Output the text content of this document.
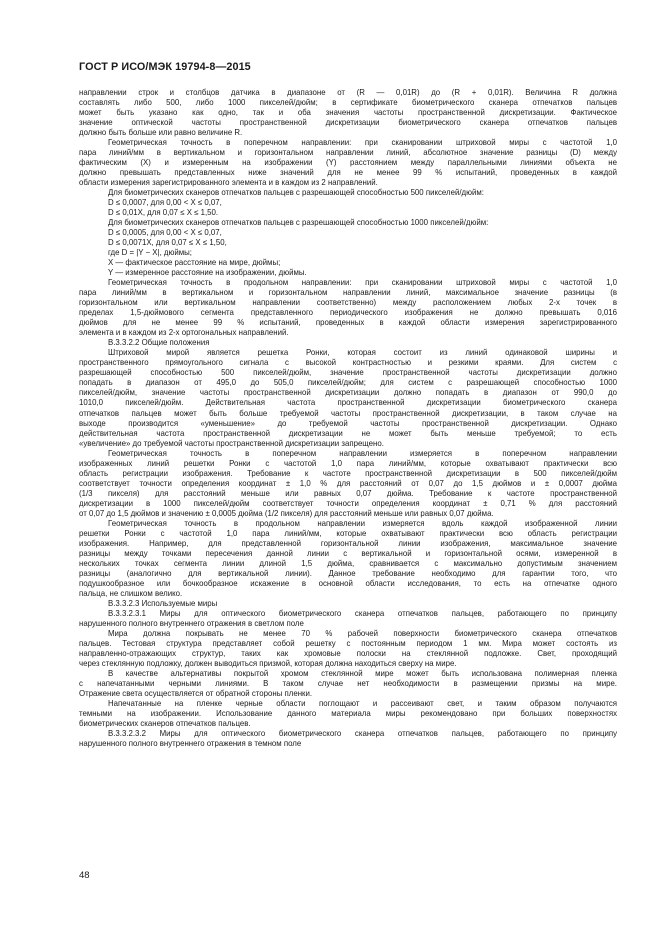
ГОСТ Р ИСО/МЭК 19794-8—2015
направлении строк и столбцов датчика в диапазоне от (R — 0,01R) до (R + 0,01R). Величина R должна
составлять либо 500, либо 1000 пикселей/дюйм; в сертификате биометрического сканера отпечатков пальцев
может быть указано как одно, так и оба значения частоты пространственной дискретизации. Фактическое
значение оптической частоты пространственной дискретизации биометрического сканера отпечатков пальцев
должно быть больше или равно величине R.
Геометрическая точность в поперечном направлении: при сканировании штриховой миры с частотой 1,0
пара линий/мм в вертикальном и горизонтальном направлении линий, абсолютное значение разницы (D) между
фактическим (X) и измеренным на изображении (Y) расстоянием между параллельными линиями объекта не
должно превышать представленных ниже значений для не менее 99 % испытаний, проведенных в каждой
области измерения зарегистрированного элемента и в каждом из 2 направлений.
Для биометрических сканеров отпечатков пальцев с разрешающей способностью 500 пикселей/дюйм:
D ≤ 0,0007, для 0,00 < X ≤ 0,07,
D ≤ 0,01X, для 0,07 ≤ X ≤ 1,50.
Для биометрических сканеров отпечатков пальцев с разрешающей способностью 1000 пикселей/дюйм:
D ≤ 0,0005, для 0,00 < X ≤ 0,07,
D ≤ 0,0071X, для 0,07 ≤ X ≤ 1,50,
где D = |Y − X|, дюймы;
X — фактическое расстояние на мире, дюймы;
Y — измеренное расстояние на изображении, дюймы.
Геометрическая точность в продольном направлении: при сканировании штриховой миры с частотой 1,0
пара линий/мм в вертикальном и горизонтальном направлении линий, максимальное значение разницы (в
горизонтальном или вертикальном направлении соответственно) между расположением любых 2-х точек в
пределах 1,5-дюймового сегмента представленного периодического изображения не должно превышать 0,016
дюймов для не менее 99 % испытаний, проведенных в каждой области измерения зарегистрированного
элемента и в каждом из 2-х ортогональных направлений.
B.3.3.2.2 Общие положения
Штриховой мирой является решетка Ронки, которая состоит из линий одинаковой ширины и
пространственного прямоугольного сигнала с высокой контрастностью и резкими краями. Для систем с
разрешающей способностью 500 пикселей/дюйм, значение пространственной частоты дискретизации должно
попадать в диапазон от 495,0 до 505,0 пикселей/дюйм; для систем с разрешающей способностью 1000
пикселей/дюйм, значение частоты пространственной дискретизации должно попадать в диапазон от 990,0 до
1010,0 пикселей/дюйм. Действительная частота пространственной дискретизации биометрического сканера
отпечатков пальцев может быть больше требуемой частоты пространственной дискретизации, в таком случае на
выходе производится «уменьшение» до требуемой частоты пространственной дискретизации. Однако
действительная частота пространственной дискретизации не может быть меньше требуемой; то есть
«увеличение» до требуемой частоты пространственной дискретизации запрещено.
Геометрическая точность в поперечном направлении измеряется в поперечном направлении
изображенных линий решетки Ронки с частотой 1,0 пара линий/мм, которые охватывают практически всю
область регистрации изображения. Требование к частоте пространственной дискретизации в 500 пикселей/дюйм
соответствует точности определения координат ± 1,0 % для расстояний от 0,07 до 1,5 дюймов и ± 0,0007 дюйма
(1/3 пикселя) для расстояний меньше или равных 0,07 дюйма. Требование к частоте пространственной
дискретизации в 1000 пикселей/дюйм соответствует точности определения координат ± 0,71 % для расстояний
от 0,07 до 1,5 дюймов и значению ± 0,0005 дюйма (1/2 пикселя) для расстояний меньше или равных 0,07 дюйма.
Геометрическая точность в продольном направлении измеряется вдоль каждой изображенной линии
решетки Ронки с частотой 1,0 пара линий/мм, которые охватывают практически всю область регистрации
изображения. Например, для представленной горизонтальной линии изображения, максимальное значение
разницы между точками пересечения данной линии с вертикальной и горизонтальной осями, измеренной в
нескольких точках сегмента линии длиной 1,5 дюйма, сравнивается с максимально допустимым значением
разницы (аналогично для вертикальной линии). Данное требование необходимо для гарантии того, что
подушкообразное или бочкообразное искажение в основной области исследования, то есть на отпечатке одного
пальца, не слишком велико.
B.3.3.2.3 Используемые миры
B.3.3.2.3.1 Миры для оптического биометрического сканера отпечатков пальцев, работающего по принципу
нарушенного полного внутреннего отражения в светлом поле
Мира должна покрывать не менее 70 % рабочей поверхности биометрического сканера отпечатков
пальцев. Тестовая структура представляет собой решетку с постоянным периодом 1 мм. Мира может состоять из
направленно-отражающих структур, таких как хромовые полоски на стеклянной подложке. Свет, проходящий
через стеклянную подложку, должен выводиться призмой, которая должна находиться сверху на мире.
В качестве альтернативы покрытой хромом стеклянной мире может быть использована полимерная пленка
с напечатанными черными линиями. В таком случае нет необходимости в размещении призмы на мире.
Отражение света осуществляется от обратной стороны пленки.
Напечатанные на пленке черные области поглощают и рассеивают свет, и таким образом получаются
темными на изображении. Использование данного материала миры рекомендовано при больших поверхностях
биометрических сканеров отпечатков пальцев.
B.3.3.2.3.2 Миры для оптического биометрического сканера отпечатков пальцев, работающего по принципу
нарушенного полного внутреннего отражения в темном поле
48
